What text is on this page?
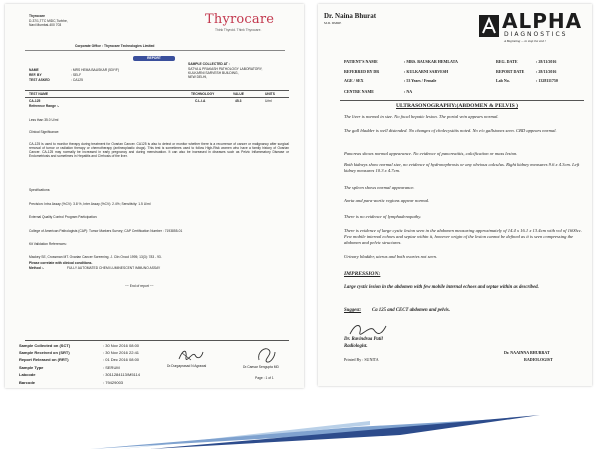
Thyrocare
D-37/1,TTC MIDC,Turbhe,
Navi Mumbai-400 703	Thyrocare
Think Thyroid. Think Thyrocare.
Corporate Office : Thyrocare Technologies Limited
REPORT
NAME	: MRS HEMA BAUSKAR (53Y/F)
REF. BY	: SELF
TEST ASKED	: CA125
SAMPLE COLLECTED AT :
SATYA & PRAKASH PATHOLOGY LABORATORY,
KULKARNI SARVESH BUILDING,
NEW DELHI,
TEST NAME	TECHNOLOGY	VALUE	UNITS
CA-125	C.L.I.A	45.3	U/ml
Reference Range :-
Less than 35.0 U/ml
Clinical Significance:
CA-125 is used to monitor therapy during treatment for Ovarian Cancer. CA125 is also to detect or monitor whether there is a recurrence of cancer or malignancy after surgical removal of tumor or radiation therapy or chemotherapy (antineoplastic drugs). This test is sometimes used to follow High-Risk women who have a family history of Ovarian Cancer. CA-125 may normally be increased in early pregnancy and during menstruation. It can also be increased in diseases such as Pelvic Inflammatory Disease or Endometriosis and sometimes in Hepatitis and Cirrhosis of the liver.
Specifications:
Precision: Intra Assay (%CV): 3.8 %, Inter Assay (%CV): 2.4%; Sensitivity: 1.5 U/ml
External Quality Control Program Participation:
College of American Pathologists (CAP): Tumor Markers Survey; CAP Certification Number : 7193855-01
Kit Validation References:
Mackey SE, Crossman MT. Ovarian Cancer Screening. J. Clin Oncol 1995; 13(3): 783 - 93.
Please correlate with clinical conditions.
Method :-	FULLY AUTOMATED CHEMI LUMINESCENT IMMUNO ASSAY
~~ End of report ~~
Sample Collected on (SCT)	: 30 Nov 2016 08:00
Sample Received on (SRT)	: 30 Nov 2016 22:41
Report Released on (RRT)	: 01 Dec 2016 08:00
Sample Type	: SERUM
Labcode	: 3011284113/M5114
Barcode	: 79429003
Dr.Durgaprasad N Agrawal	Dr.Caesar Sengupta MD
Page : 1 of 1
Dr. Naina Bhurat
M.D. DMRE	ALPHA
DIAGNOSTICS
A Beginning ... to stop the end !
PATIENT'S NAME	: MRS. BAUSKAR HEMLATA
REFERRED BY DR	: KULKARNI SARVESH
AGE / SEX	: 53 Years / Female
CENTRE NAME	: NA
REG. DATE	: 28/11/2016
REPORT DATE	: 28/11/2016
Lab No.	: 1328111750
ULTRASONOGRAPHY:(ABDOMEN & PELVIS )
The liver is normal in size. No focal hepatic lesion. The portal vein appears normal.
The gall bladder is well distended. No changes of cholecystitis noted. No e/o gallstones seen. CBD appears normal.
Pancreas shows normal appearance. No evidence of pancreatitis, calcification or mass lesion.
Both kidneys show normal size, no evidence of hydronephrosis or any obvious calculus. Right kidney measures 9.6 x 4.3cm. Left kidney measures 10.3 x 4.7cm.
The spleen shows normal appearance.
Aorta and para-aortic regions appear normal.
There is no evidence of lymphadenopathy.
There is evidence of large cystic lesion seen in the abdomen measuring approximately of 14.4 x 16.1 x 13.4cm with vol of 1600cc. Few mobile internal echoes and septae within it, however origin of the lesion cannot be defined as it is seen compressing the abdomen and pelvic structures.
Urinary bladder, uterus and both ovaries not seen.
IMPRESSION:
Large cystic lesion in the abdomen with few mobile internal echoes and septae within as described.
Suggest: Ca 125 and CECT abdomen and pelvis.
Dr. Ravindraa Patil
Radiologist.
Printed By : SUNITA
Dr. NAAINNA BHURRAT
RADIOLOGIST
